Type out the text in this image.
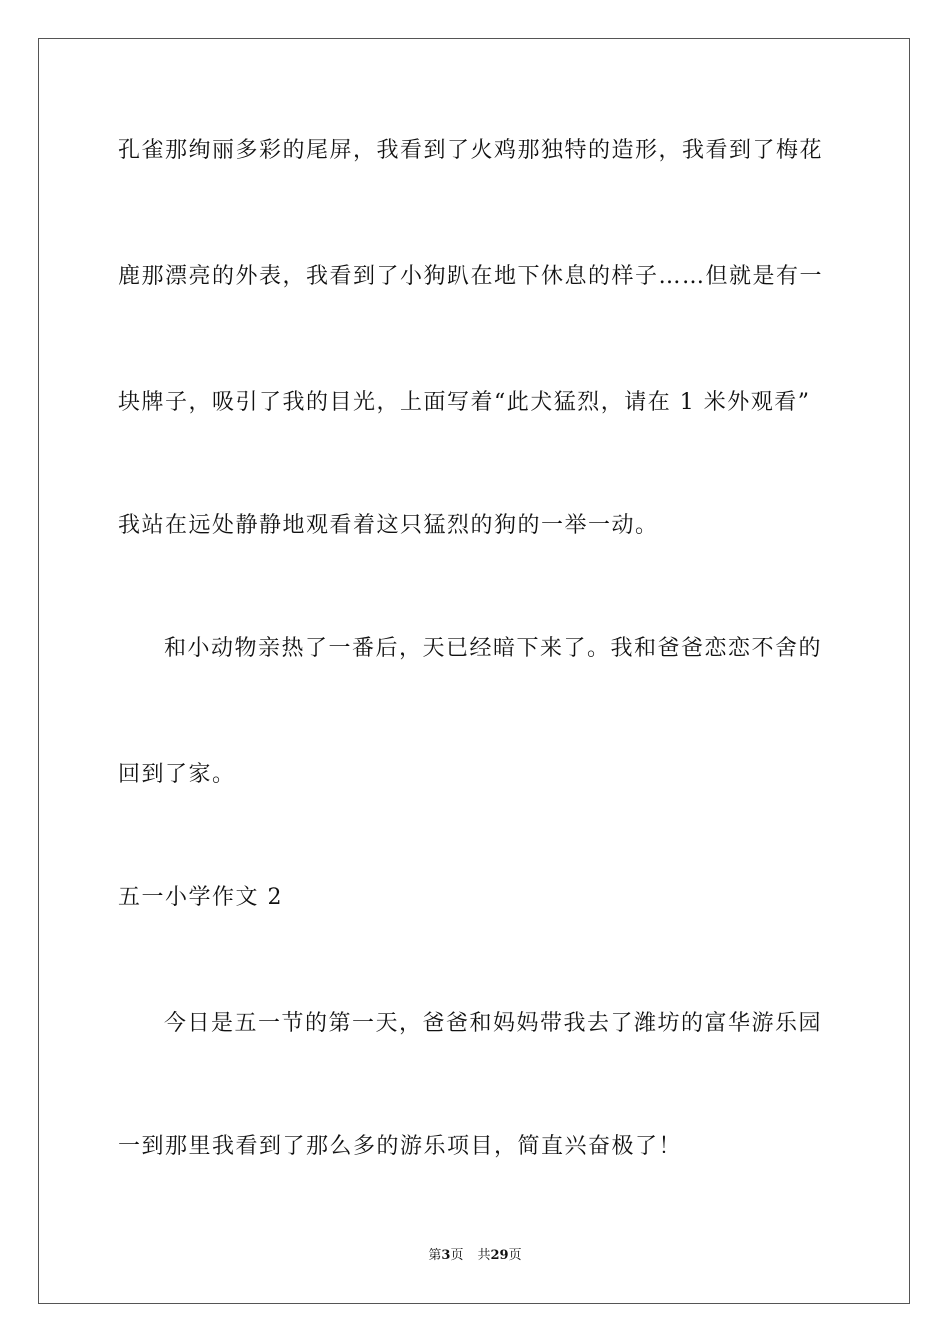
孔雀那绚丽多彩的尾屏，我看到了火鸡那独特的造形，我看到了梅花
鹿那漂亮的外表，我看到了小狗趴在地下休息的样子……但就是有一
块牌子，吸引了我的目光，上面写着“此犬猛烈，请在 1 米外观看”
我站在远处静静地观看着这只猛烈的狗的一举一动。
和小动物亲热了一番后，天已经暗下来了。我和爸爸恋恋不舍的
回到了家。
五一小学作文 2
今日是五一节的第一天，爸爸和妈妈带我去了潍坊的富华游乐园
一到那里我看到了那么多的游乐项目，简直兴奋极了！
第3页 共29页
